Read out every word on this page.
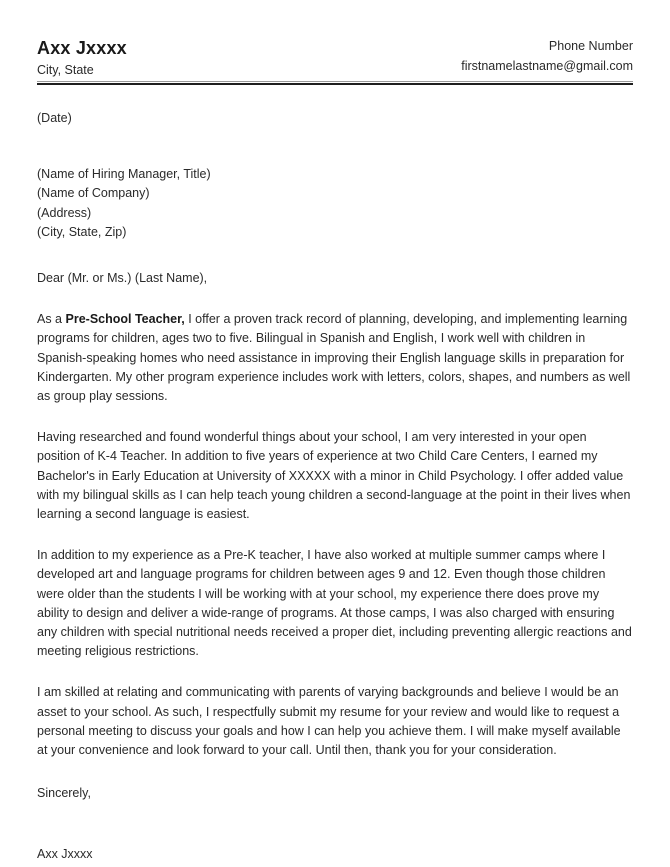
Axx Jxxxx
City, State
Phone Number
firstnamelastname@gmail.com
(Date)
(Name of Hiring Manager, Title)
(Name of Company)
(Address)
(City, State, Zip)
Dear (Mr. or Ms.) (Last Name),
As a Pre-School Teacher, I offer a proven track record of planning, developing, and implementing learning programs for children, ages two to five. Bilingual in Spanish and English, I work well with children in Spanish-speaking homes who need assistance in improving their English language skills in preparation for Kindergarten. My other program experience includes work with letters, colors, shapes, and numbers as well as group play sessions.
Having researched and found wonderful things about your school, I am very interested in your open position of K-4 Teacher. In addition to five years of experience at two Child Care Centers, I earned my Bachelor's in Early Education at University of XXXXX with a minor in Child Psychology. I offer added value with my bilingual skills as I can help teach young children a second-language at the point in their lives when learning a second language is easiest.
In addition to my experience as a Pre-K teacher, I have also worked at multiple summer camps where I developed art and language programs for children between ages 9 and 12. Even though those children were older than the students I will be working with at your school, my experience there does prove my ability to design and deliver a wide-range of programs. At those camps, I was also charged with ensuring any children with special nutritional needs received a proper diet, including preventing allergic reactions and meeting religious restrictions.
I am skilled at relating and communicating with parents of varying backgrounds and believe I would be an asset to your school. As such, I respectfully submit my resume for your review and would like to request a personal meeting to discuss your goals and how I can help you achieve them. I will make myself available at your convenience and look forward to your call. Until then, thank you for your consideration.
Sincerely,
Axx Jxxxx
